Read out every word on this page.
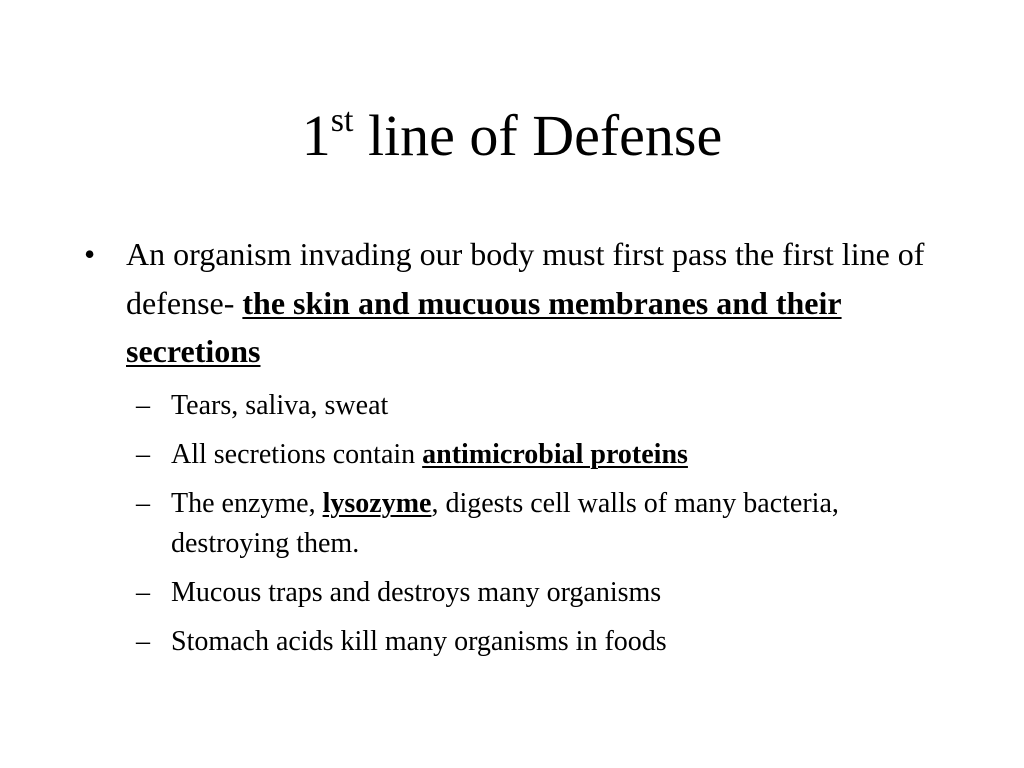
1st line of Defense

• An organism invading our body must first pass the first line of defense- the skin and mucuous membranes and their secretions

– Tears, saliva, sweat

– All secretions contain antimicrobial proteins

– The enzyme, lysozyme, digests cell walls of many bacteria, destroying them.

– Mucous traps and destroys many organisms

– Stomach acids kill many organisms in foods
